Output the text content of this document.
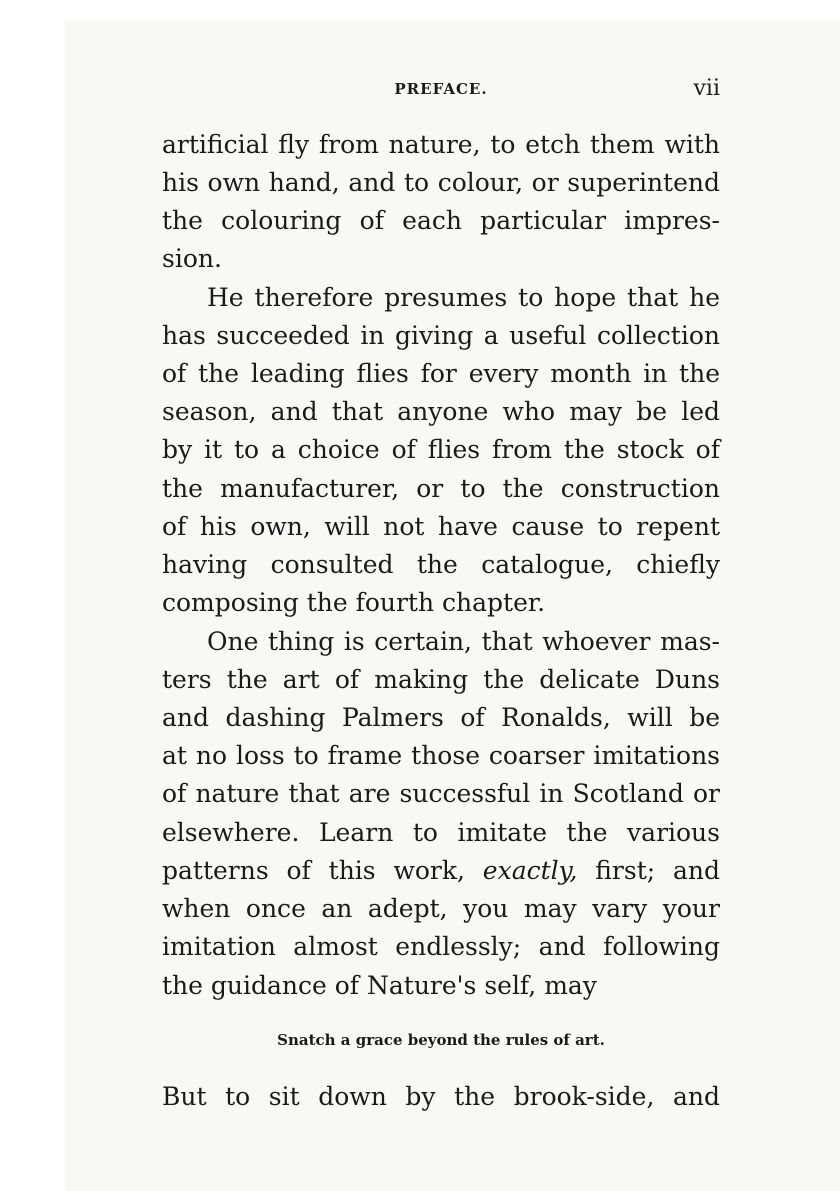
PREFACE.	vii
artificial fly from nature, to etch them with
his own hand, and to colour, or superintend
the colouring of each particular impres-
sion.
He therefore presumes to hope that he
has succeeded in giving a useful collection
of the leading flies for every month in the
season, and that anyone who may be led
by it to a choice of flies from the stock of
the manufacturer, or to the construction
of his own, will not have cause to repent
having consulted the catalogue, chiefly
composing the fourth chapter.
One thing is certain, that whoever mas-
ters the art of making the delicate Duns
and dashing Palmers of Ronalds, will be
at no loss to frame those coarser imitations
of nature that are successful in Scotland or
elsewhere. Learn to imitate the various
patterns of this work, exactly, first; and
when once an adept, you may vary your
imitation almost endlessly; and following
the guidance of Nature's self, may
Snatch a grace beyond the rules of art.
But to sit down by the brook-side, and
